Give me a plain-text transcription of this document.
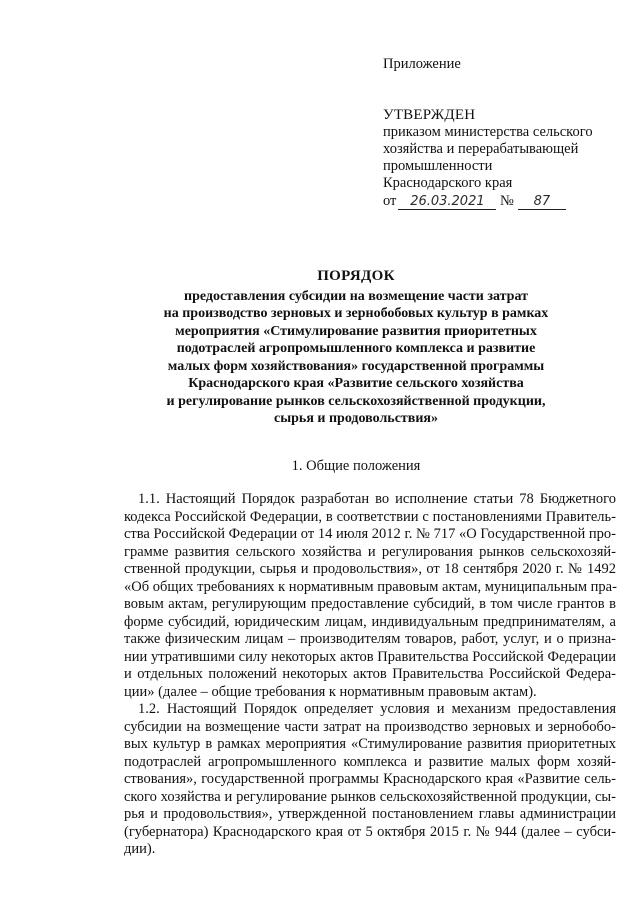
Приложение
УТВЕРЖДЕН
приказом министерства сельского
хозяйства и перерабатывающей
промышленности
Краснодарского края
от 26.03.2021 № 87
ПОРЯДОК
предоставления субсидии на возмещение части затрат
на производство зерновых и зернобобовых культур в рамках
мероприятия «Стимулирование развития приоритетных
подотраслей агропромышленного комплекса и развитие
малых форм хозяйствования» государственной программы
Краснодарского края «Развитие сельского хозяйства
и регулирование рынков сельскохозяйственной продукции,
сырья и продовольствия»
1. Общие положения
1.1. Настоящий Порядок разработан во исполнение статьи 78 Бюджетного
кодекса Российской Федерации, в соответствии с постановлениями Правитель-
ства Российской Федерации от 14 июля 2012 г. № 717 «О Государственной про-
грамме развития сельского хозяйства и регулирования рынков сельскохозяй-
ственной продукции, сырья и продовольствия», от 18 сентября 2020 г. № 1492
«Об общих требованиях к нормативным правовым актам, муниципальным пра-
вовым актам, регулирующим предоставление субсидий, в том числе грантов в
форме субсидий, юридическим лицам, индивидуальным предпринимателям, а
также физическим лицам – производителям товаров, работ, услуг, и о призна-
нии утратившими силу некоторых актов Правительства Российской Федерации
и отдельных положений некоторых актов Правительства Российской Федера-
ции» (далее – общие требования к нормативным правовым актам).
1.2. Настоящий Порядок определяет условия и механизм предоставления
субсидии на возмещение части затрат на производство зерновых и зернобобо-
вых культур в рамках мероприятия «Стимулирование развития приоритетных
подотраслей агропромышленного комплекса и развитие малых форм хозяй-
ствования», государственной программы Краснодарского края «Развитие сель-
ского хозяйства и регулирование рынков сельскохозяйственной продукции, сы-
рья и продовольствия», утвержденной постановлением главы администрации
(губернатора) Краснодарского края от 5 октября 2015 г. № 944 (далее – субси-
дии).
